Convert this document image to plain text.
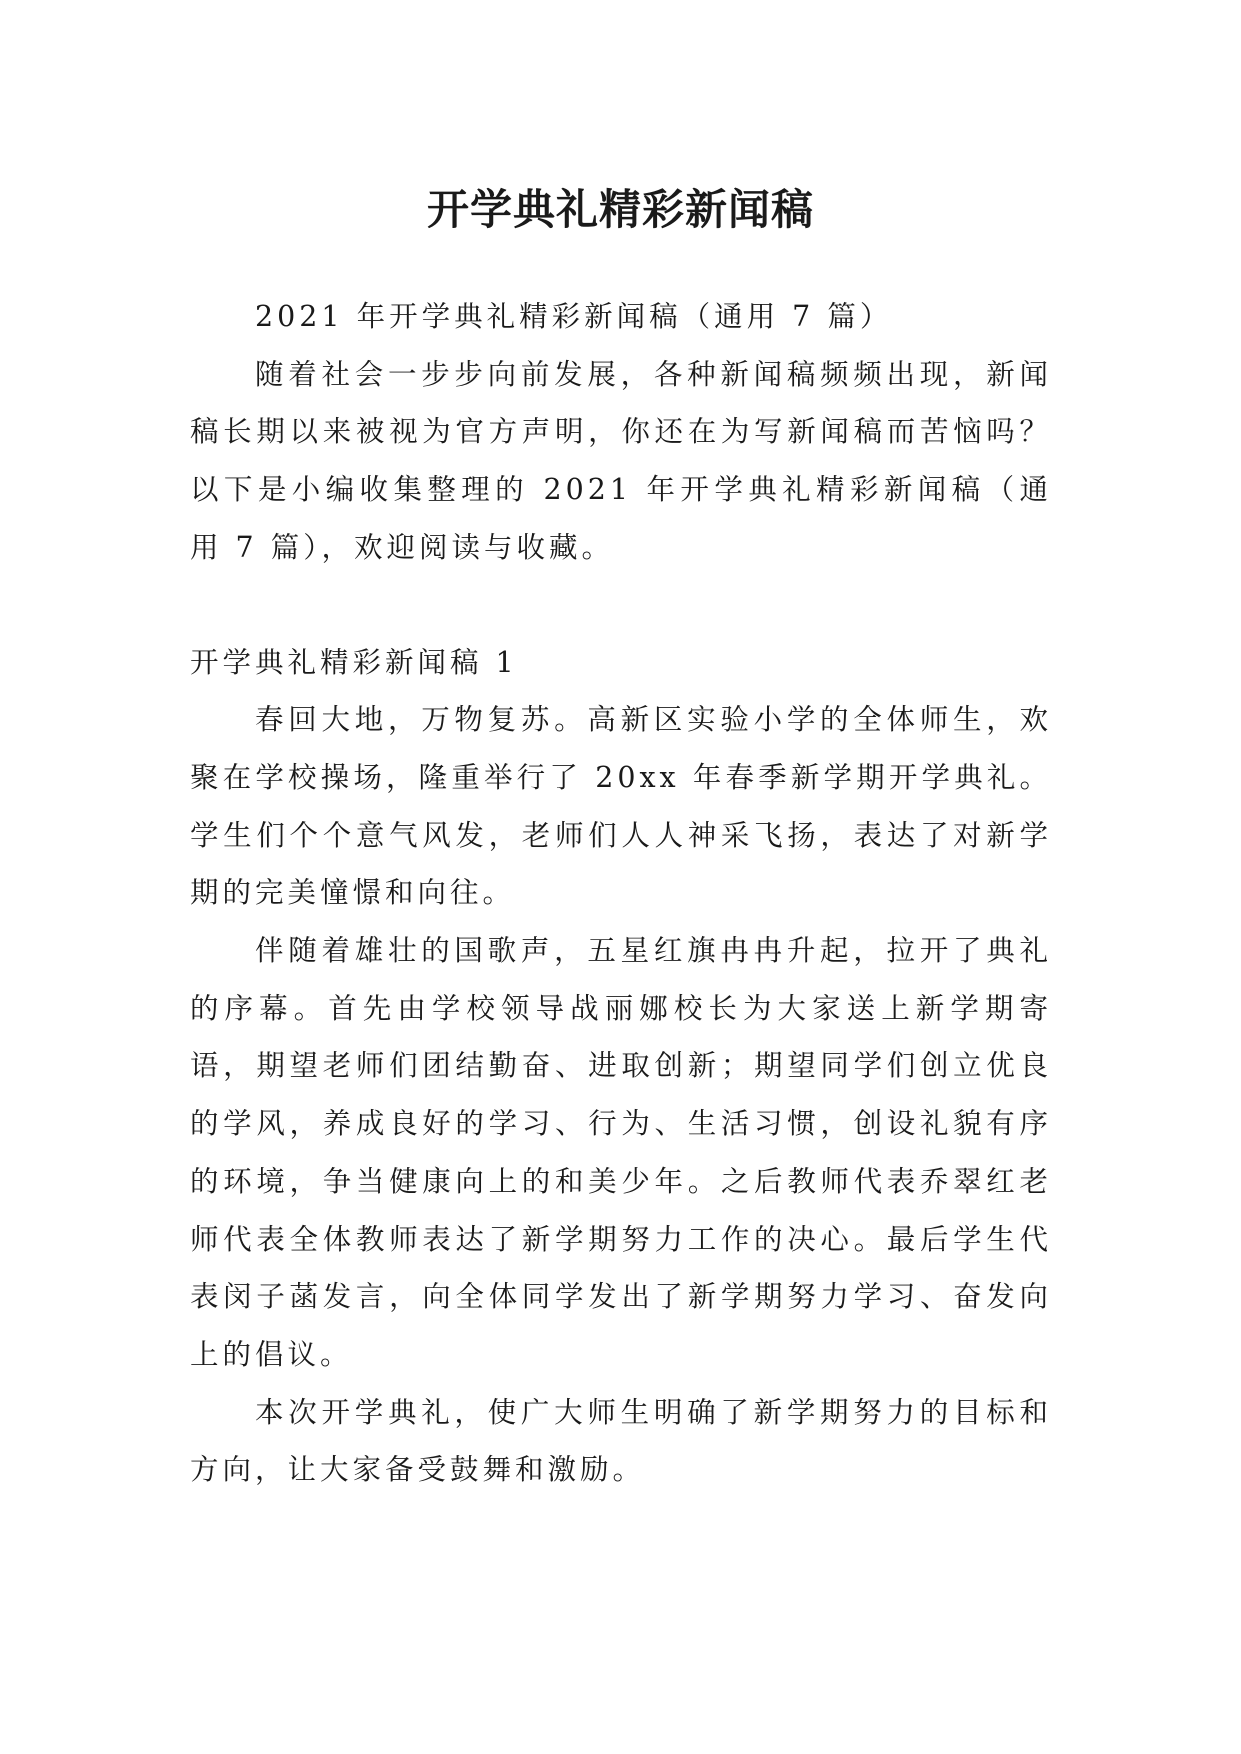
开学典礼精彩新闻稿

2021 年开学典礼精彩新闻稿（通用 7 篇）

随着社会一步步向前发展，各种新闻稿频频出现，新闻稿长期以来被视为官方声明，你还在为写新闻稿而苦恼吗？以下是小编收集整理的 2021 年开学典礼精彩新闻稿（通用 7 篇），欢迎阅读与收藏。

开学典礼精彩新闻稿 1

春回大地，万物复苏。高新区实验小学的全体师生，欢聚在学校操场，隆重举行了 20xx 年春季新学期开学典礼。学生们个个意气风发，老师们人人神采飞扬，表达了对新学期的完美憧憬和向往。

伴随着雄壮的国歌声，五星红旗冉冉升起，拉开了典礼的序幕。首先由学校领导战丽娜校长为大家送上新学期寄语，期望老师们团结勤奋、进取创新；期望同学们创立优良的学风，养成良好的学习、行为、生活习惯，创设礼貌有序的环境，争当健康向上的和美少年。之后教师代表乔翠红老师代表全体教师表达了新学期努力工作的决心。最后学生代表闵子菡发言，向全体同学发出了新学期努力学习、奋发向上的倡议。

本次开学典礼，使广大师生明确了新学期努力的目标和方向，让大家备受鼓舞和激励。
